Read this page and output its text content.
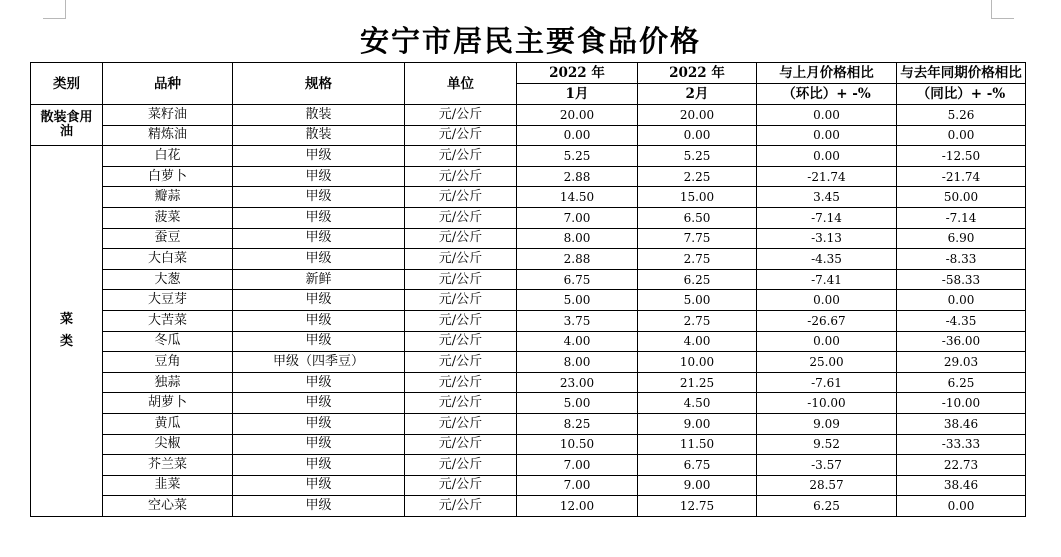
安宁市居民主要食品价格
类别	品种	规格	单位	2022 年	2022 年	与上月价格相比	与去年同期价格相比
				1月	2月	（环比）+ -%	（同比）+ -%

散装食用
油	菜籽油	散装	元/公斤	20.00	20.00	0.00	5.26
	精炼油	散装	元/公斤	0.00	0.00	0.00	0.00

菜
类	白花	甲级	元/公斤	5.25	5.25	0.00	-12.50
	白萝卜	甲级	元/公斤	2.88	2.25	-21.74	-21.74
	瓣蒜	甲级	元/公斤	14.50	15.00	3.45	50.00
	菠菜	甲级	元/公斤	7.00	6.50	-7.14	-7.14
	蚕豆	甲级	元/公斤	8.00	7.75	-3.13	6.90
	大白菜	甲级	元/公斤	2.88	2.75	-4.35	-8.33
	大葱	新鲜	元/公斤	6.75	6.25	-7.41	-58.33
	大豆芽	甲级	元/公斤	5.00	5.00	0.00	0.00
	大苦菜	甲级	元/公斤	3.75	2.75	-26.67	-4.35
	冬瓜	甲级	元/公斤	4.00	4.00	0.00	-36.00
	豆角	甲级（四季豆）	元/公斤	8.00	10.00	25.00	29.03
	独蒜	甲级	元/公斤	23.00	21.25	-7.61	6.25
	胡萝卜	甲级	元/公斤	5.00	4.50	-10.00	-10.00
	黄瓜	甲级	元/公斤	8.25	9.00	9.09	38.46
	尖椒	甲级	元/公斤	10.50	11.50	9.52	-33.33
	芥兰菜	甲级	元/公斤	7.00	6.75	-3.57	22.73
	韭菜	甲级	元/公斤	7.00	9.00	28.57	38.46
	空心菜	甲级	元/公斤	12.00	12.75	6.25	0.00
